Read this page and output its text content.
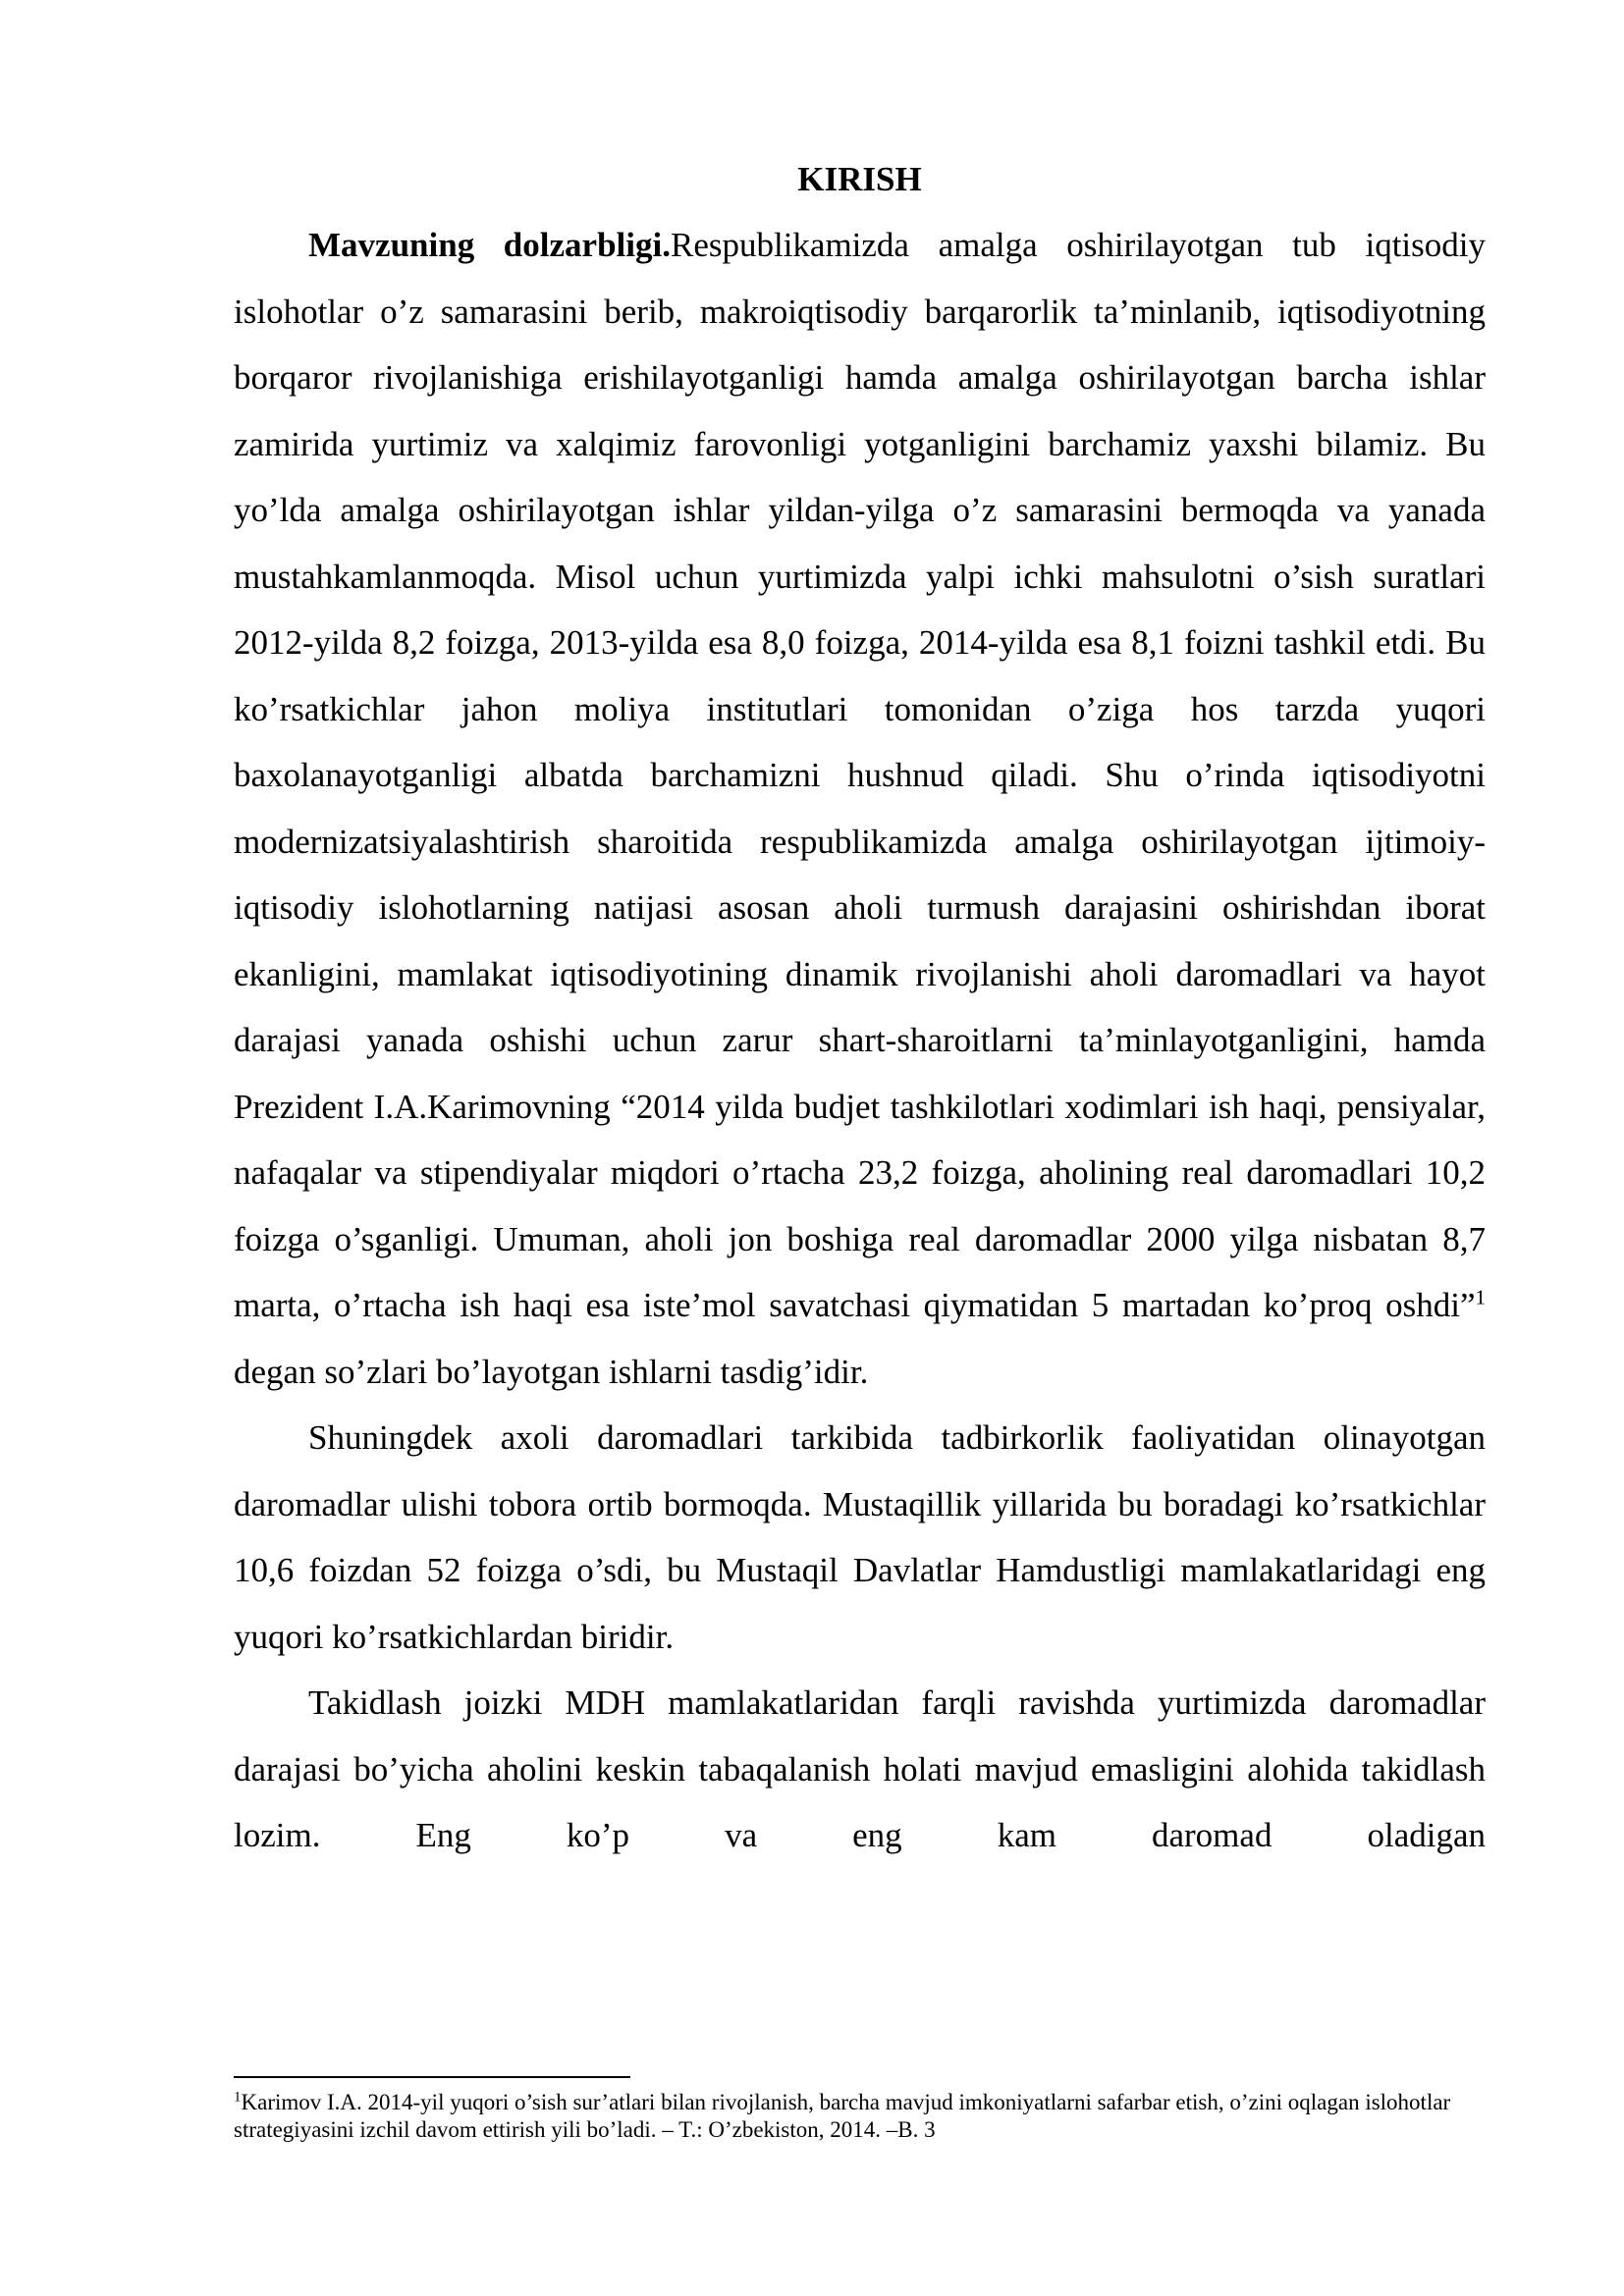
KIRISH

Mavzuning dolzarbligi.Respublikamizda amalga oshirilayotgan tub iqtisodiy islohotlar o’z samarasini berib, makroiqtisodiy barqarorlik ta’minlanib, iqtisodiyotning borqaror rivojlanishiga erishilayotganligi hamda amalga oshirilayotgan barcha ishlar zamirida yurtimiz va xalqimiz farovonligi yotganligini barchamiz yaxshi bilamiz. Bu yo’lda amalga oshirilayotgan ishlar yildan-yilga o’z samarasini bermoqda va yanada mustahkamlanmoqda. Misol uchun yurtimizda yalpi ichki mahsulotni o’sish suratlari 2012-yilda 8,2 foizga, 2013-yilda esa 8,0 foizga, 2014-yilda esa 8,1 foizni tashkil etdi. Bu ko’rsatkichlar jahon moliya institutlari tomonidan o’ziga hos tarzda yuqori baxolanayotganligi albatda barchamizni hushnud qiladi. Shu o’rinda iqtisodiyotni modernizatsiyalashtirish sharoitida respublikamizda amalga oshirilayotgan ijtimoiy-iqtisodiy islohotlarning natijasi asosan aholi turmush darajasini oshirishdan iborat ekanligini, mamlakat iqtisodiyotining dinamik rivojlanishi aholi daromadlari va hayot darajasi yanada oshishi uchun zarur shart-sharoitlarni ta’minlayotganligini, hamda Prezident I.A.Karimovning “2014 yilda budjet tashkilotlari xodimlari ish haqi, pensiyalar, nafaqalar va stipendiyalar miqdori o’rtacha 23,2 foizga, aholining real daromadlari 10,2 foizga o’sganligi. Umuman, aholi jon boshiga real daromadlar 2000 yilga nisbatan 8,7 marta, o’rtacha ish haqi esa iste’mol savatchasi qiymatidan 5 martadan ko’proq oshdi”$^1$ degan so’zlari bo’layotgan ishlarni tasdig’idir.

Shuningdek axoli daromadlari tarkibida tadbirkorlik faoliyatidan olinayotgan daromadlar ulishi tobora ortib bormoqda. Mustaqillik yillarida bu boradagi ko’rsatkichlar 10,6 foizdan 52 foizga o’sdi, bu Mustaqil Davlatlar Hamdustligi mamlakatlaridagi eng yuqori ko’rsatkichlardan biridir.

Takidlash joizki MDH mamlakatlaridan farqli ravishda yurtimizda daromadlar darajasi bo’yicha aholini keskin tabaqalanish holati mavjud emasligini alohida takidlash lozim. Eng ko’p va eng kam daromad oladigan

$^1$Karimov I.A. 2014-yil yuqori o’sish sur’atlari bilan rivojlanish, barcha mavjud imkoniyatlarni safarbar etish, o’zini oqlagan islohotlar strategiyasini izchil davom ettirish yili bo’ladi. – T.: O’zbekiston, 2014. –B. 3
